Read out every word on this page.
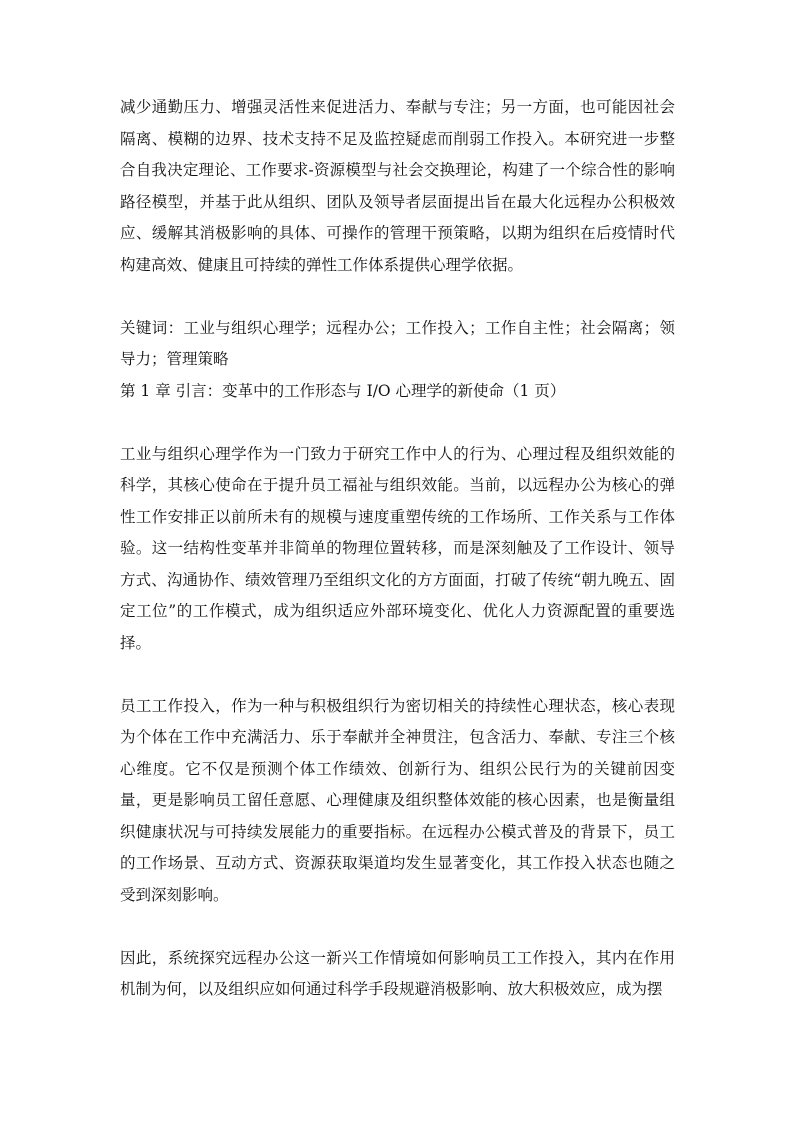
减少通勤压力、增强灵活性来促进活力、奉献与专注；另一方面，也可能因社会隔离、模糊的边界、技术支持不足及监控疑虑而削弱工作投入。本研究进一步整合自我决定理论、工作要求-资源模型与社会交换理论，构建了一个综合性的影响路径模型，并基于此从组织、团队及领导者层面提出旨在最大化远程办公积极效应、缓解其消极影响的具体、可操作的管理干预策略，以期为组织在后疫情时代构建高效、健康且可持续的弹性工作体系提供心理学依据。

关键词：工业与组织心理学；远程办公；工作投入；工作自主性；社会隔离；领导力；管理策略

第 1 章 引言：变革中的工作形态与 I/O 心理学的新使命（1 页）

工业与组织心理学作为一门致力于研究工作中人的行为、心理过程及组织效能的科学，其核心使命在于提升员工福祉与组织效能。当前，以远程办公为核心的弹性工作安排正以前所未有的规模与速度重塑传统的工作场所、工作关系与工作体验。这一结构性变革并非简单的物理位置转移，而是深刻触及了工作设计、领导方式、沟通协作、绩效管理乃至组织文化的方方面面，打破了传统“朝九晚五、固定工位”的工作模式，成为组织适应外部环境变化、优化人力资源配置的重要选择。

员工工作投入，作为一种与积极组织行为密切相关的持续性心理状态，核心表现为个体在工作中充满活力、乐于奉献并全神贯注，包含活力、奉献、专注三个核心维度。它不仅是预测个体工作绩效、创新行为、组织公民行为的关键前因变量，更是影响员工留任意愿、心理健康及组织整体效能的核心因素，也是衡量组织健康状况与可持续发展能力的重要指标。在远程办公模式普及的背景下，员工的工作场景、互动方式、资源获取渠道均发生显著变化，其工作投入状态也随之受到深刻影响。

因此，系统探究远程办公这一新兴工作情境如何影响员工工作投入，其内在作用机制为何，以及组织应如何通过科学手段规避消极影响、放大积极效应，成为摆
